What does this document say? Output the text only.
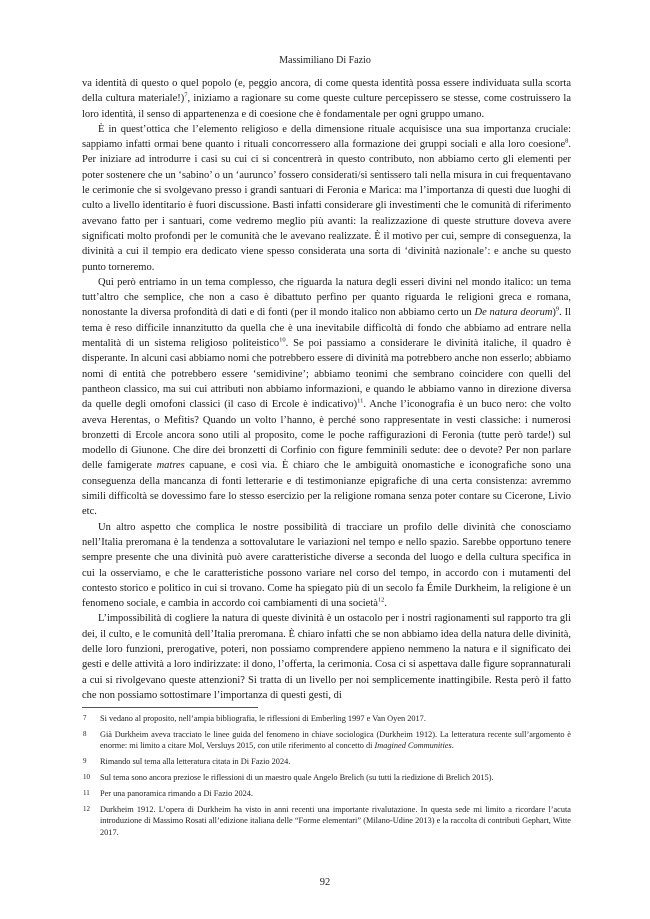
Massimiliano Di Fazio

va identità di questo o quel popolo (e, peggio ancora, di come questa identità possa essere individuata sulla scorta della cultura materiale!)$^7$, iniziamo a ragionare su come queste culture percepissero se stesse, come costruissero la loro identità, il senso di appartenenza e di coesione che è fondamentale per ogni gruppo umano.

È in quest’ottica che l’elemento religioso e della dimensione rituale acquisisce una sua importanza cruciale: sappiamo infatti ormai bene quanto i rituali concorressero alla formazione dei gruppi sociali e alla loro coesione$^8$. Per iniziare ad introdurre i casi su cui ci si concentrerà in questo contributo, non abbiamo certo gli elementi per poter sostenere che un ‘sabino’ o un ‘aurunco’ fossero considerati/si sentissero tali nella misura in cui frequentavano le cerimonie che si svolgevano presso i grandi santuari di Feronia e Marica: ma l’importanza di questi due luoghi di culto a livello identitario è fuori discussione. Basti infatti considerare gli investimenti che le comunità di riferimento avevano fatto per i santuari, come vedremo meglio più avanti: la realizzazione di queste strutture doveva avere significati molto profondi per le comunità che le avevano realizzate. È il motivo per cui, sempre di conseguenza, la divinità a cui il tempio era dedicato viene spesso considerata una sorta di ‘divinità nazionale’: e anche su questo punto torneremo.

Qui però entriamo in un tema complesso, che riguarda la natura degli esseri divini nel mondo italico: un tema tutt’altro che semplice, che non a caso è dibattuto perfino per quanto riguarda le religioni greca e romana, nonostante la diversa profondità di dati e di fonti (per il mondo italico non abbiamo certo un De natura deorum)$^9$. Il tema è reso difficile innanzitutto da quella che è una inevitabile difficoltà di fondo che abbiamo ad entrare nella mentalità di un sistema religioso politeistico$^{10}$. Se poi passiamo a considerare le divinità italiche, il quadro è disperante. In alcuni casi abbiamo nomi che potrebbero essere di divinità ma potrebbero anche non esserlo; abbiamo nomi di entità che potrebbero essere ‘semidivine’; abbiamo teonimi che sembrano coincidere con quelli del pantheon classico, ma sui cui attributi non abbiamo informazioni, e quando le abbiamo vanno in direzione diversa da quelle degli omofoni classici (il caso di Ercole è indicativo)$^{11}$. Anche l’iconografia è un buco nero: che volto aveva Herentas, o Mefitis? Quando un volto l’hanno, è perché sono rappresentate in vesti classiche: i numerosi bronzetti di Ercole ancora sono utili al proposito, come le poche raffigurazioni di Feronia (tutte però tarde!) sul modello di Giunone. Che dire dei bronzetti di Corfinio con figure femminili sedute: dee o devote? Per non parlare delle famigerate matres capuane, e così via. È chiaro che le ambiguità onomastiche e iconografiche sono una conseguenza della mancanza di fonti letterarie e di testimonianze epigrafiche di una certa consistenza: avremmo simili difficoltà se dovessimo fare lo stesso esercizio per la religione romana senza poter contare su Cicerone, Livio etc.

Un altro aspetto che complica le nostre possibilità di tracciare un profilo delle divinità che conosciamo nell’Italia preromana è la tendenza a sottovalutare le variazioni nel tempo e nello spazio. Sarebbe opportuno tenere sempre presente che una divinità può avere caratteristiche diverse a seconda del luogo e della cultura specifica in cui la osserviamo, e che le caratteristiche possono variare nel corso del tempo, in accordo con i mutamenti del contesto storico e politico in cui si trovano. Come ha spiegato più di un secolo fa Émile Durkheim, la religione è un fenomeno sociale, e cambia in accordo coi cambiamenti di una società$^{12}$.

L’impossibilità di cogliere la natura di queste divinità è un ostacolo per i nostri ragionamenti sul rapporto tra gli dei, il culto, e le comunità dell’Italia preromana. È chiaro infatti che se non abbiamo idea della natura delle divinità, delle loro funzioni, prerogative, poteri, non possiamo comprendere appieno nemmeno la natura e il significato dei gesti e delle attività a loro indirizzate: il dono, l’offerta, la cerimonia. Cosa ci si aspettava dalle figure soprannaturali a cui si rivolgevano queste attenzioni? Si tratta di un livello per noi semplicemente inattingibile. Resta però il fatto che non possiamo sottostimare l’importanza di questi gesti, di

7	Si vedano al proposito, nell’ampia bibliografia, le riflessioni di Emberling 1997 e Van Oyen 2017.
8	Già Durkheim aveva tracciato le linee guida del fenomeno in chiave sociologica (Durkheim 1912). La letteratura recente sull’argomento è enorme: mi limito a citare Mol, Versluys 2015, con utile riferimento al concetto di Imagined Communities.
9	Rimando sul tema alla letteratura citata in Di Fazio 2024.
10	Sul tema sono ancora preziose le riflessioni di un maestro quale Angelo Brelich (su tutti la riedizione di Brelich 2015).
11	Per una panoramica rimando a Di Fazio 2024.
12	Durkheim 1912. L’opera di Durkheim ha visto in anni recenti una importante rivalutazione. In questa sede mi limito a ricordare l’acuta introduzione di Massimo Rosati all’edizione italiana delle “Forme elementari” (Milano-Udine 2013) e la raccolta di contributi Gephart, Witte 2017.
92
